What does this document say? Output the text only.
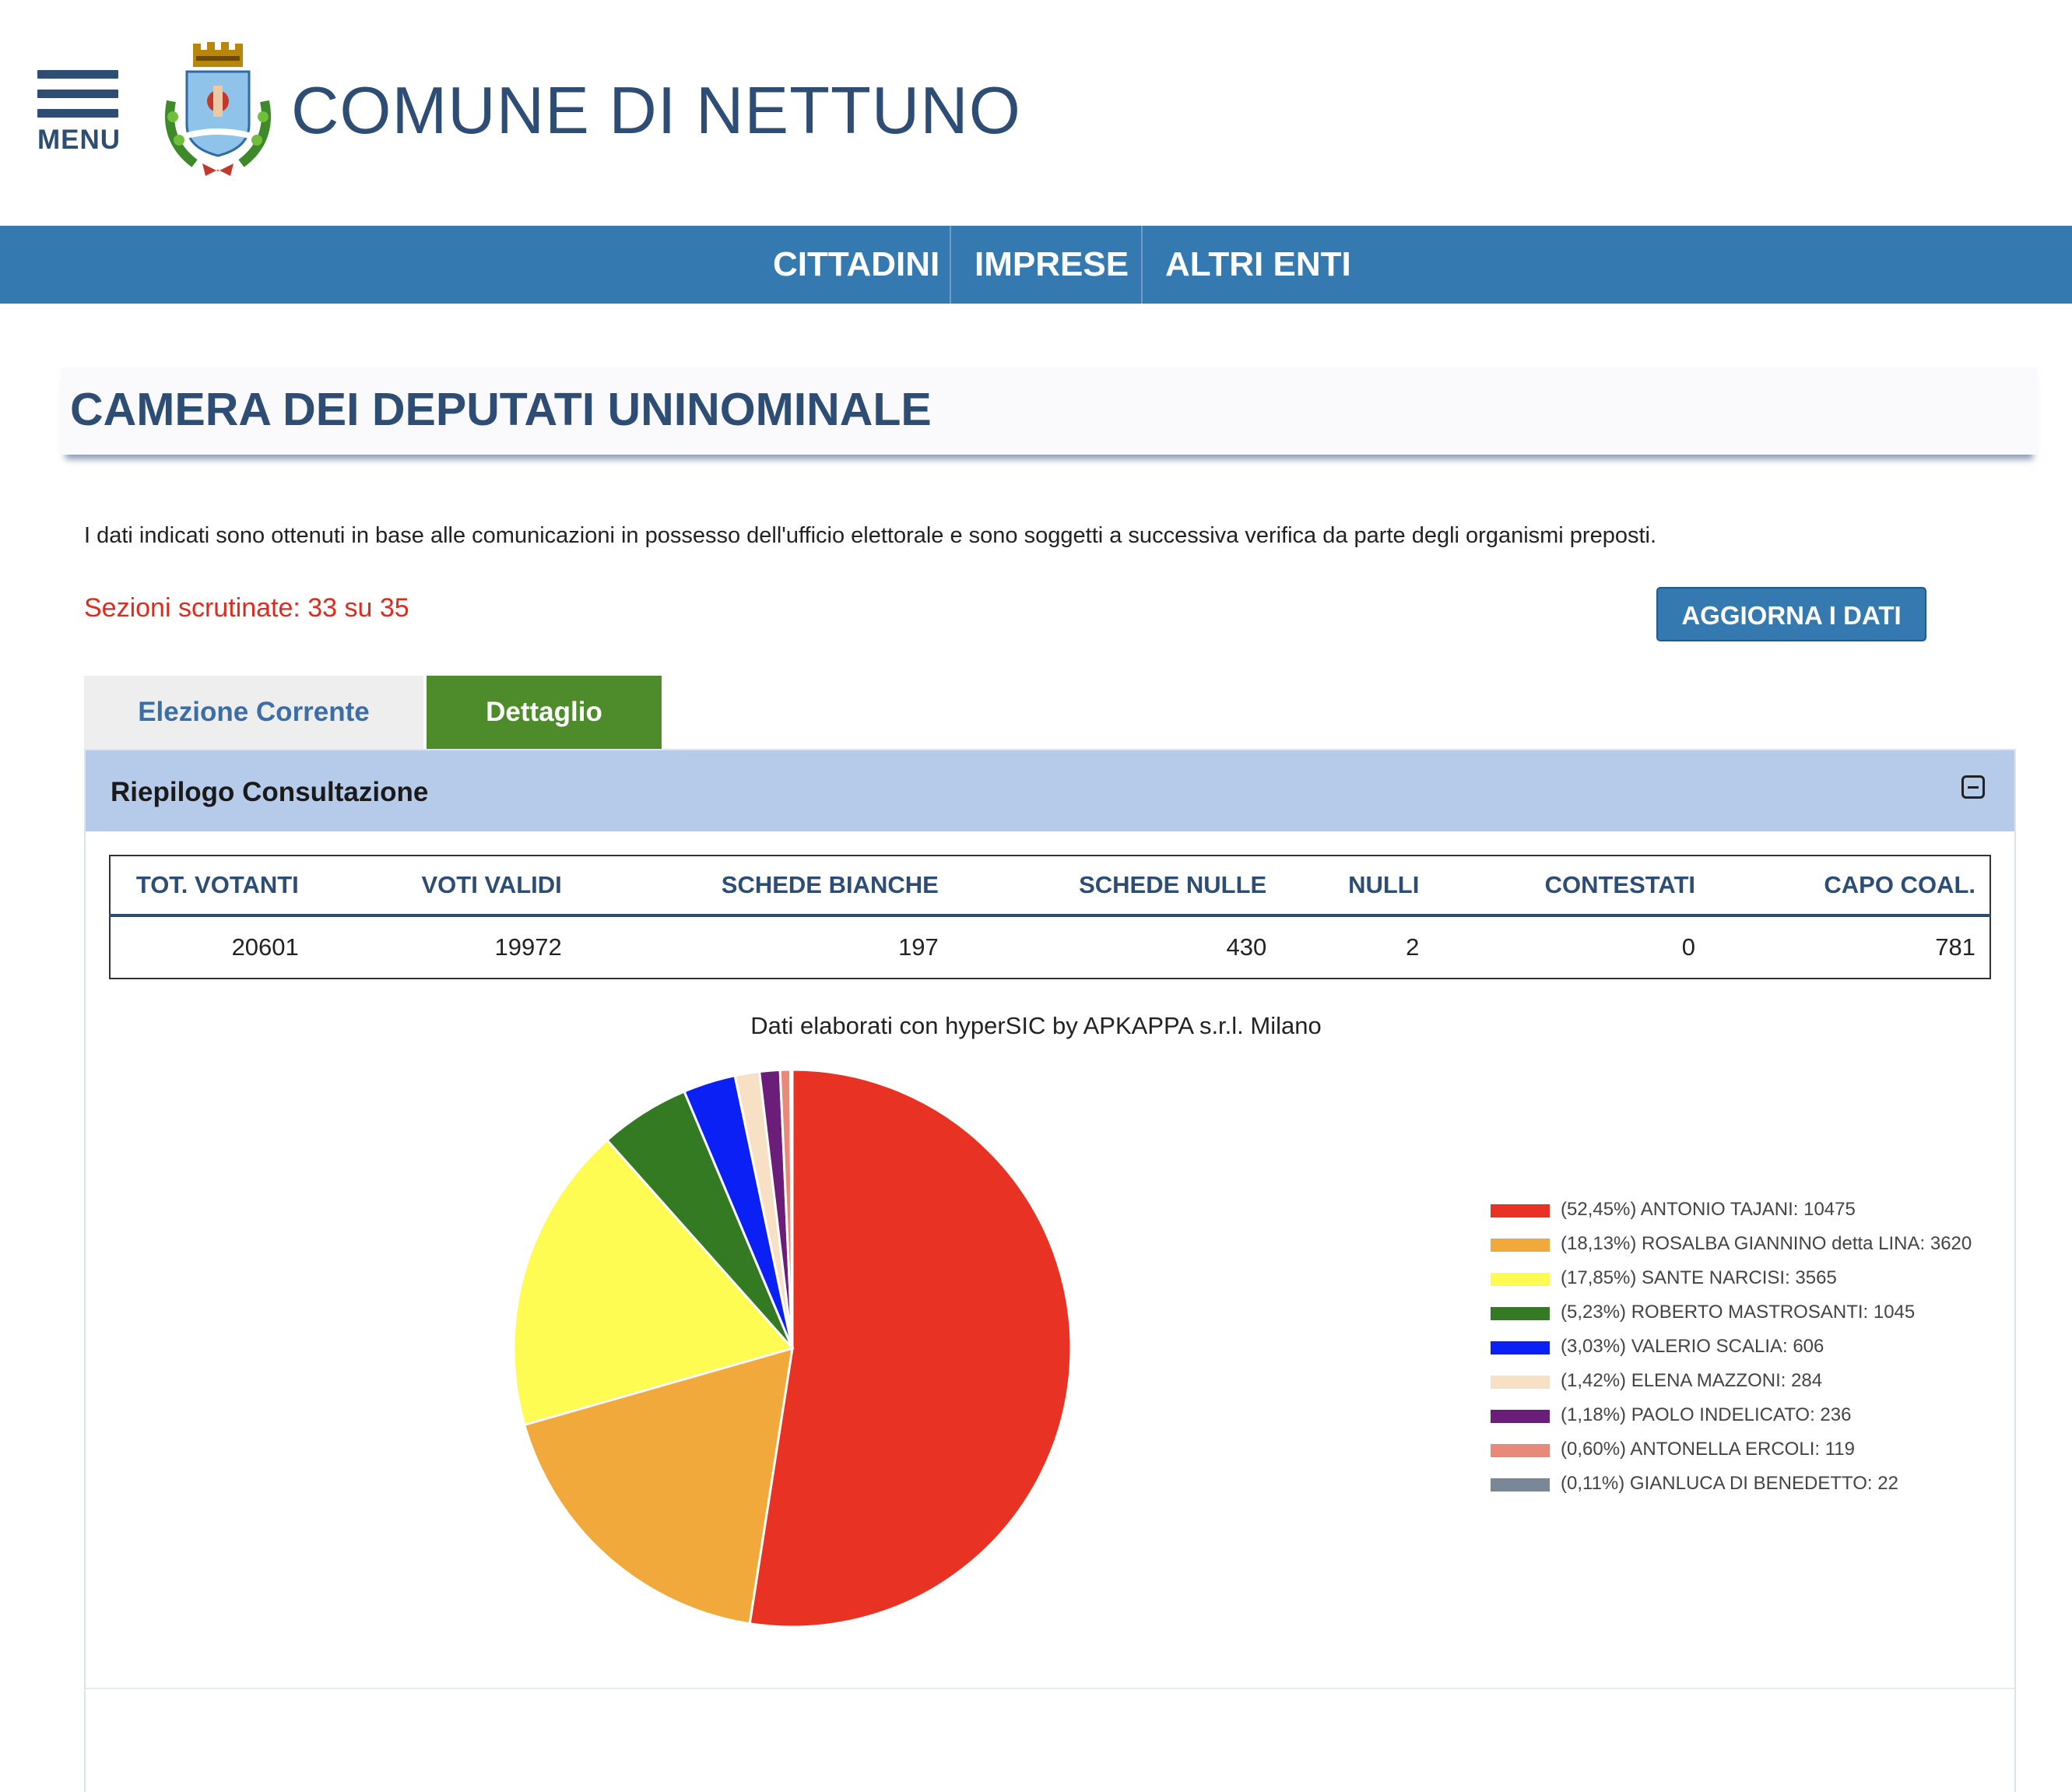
MENU	COMUNE DI NETTUNO
CITTADINI IMPRESE ALTRI ENTI
CAMERA DEI DEPUTATI UNINOMINALE
I dati indicati sono ottenuti in base alle comunicazioni in possesso dell'ufficio elettorale e sono soggetti a successiva verifica da parte degli organismi preposti.
Sezioni scrutinate: 33 su 35	AGGIORNA I DATI
Elezione Corrente	Dettaglio
Riepilogo Consultazione
TOT. VOTANTI	VOTI VALIDI	SCHEDE BIANCHE	SCHEDE NULLE	NULLI	CONTESTATI	CAPO COAL.
20601	19972	197	430	2	0	781
Dati elaborati con hyperSIC by APKAPPA s.r.l. Milano
(52,45%) ANTONIO TAJANI: 10475
(18,13%) ROSALBA GIANNINO detta LINA: 3620
(17,85%) SANTE NARCISI: 3565
(5,23%) ROBERTO MASTROSANTI: 1045
(3,03%) VALERIO SCALIA: 606
(1,42%) ELENA MAZZONI: 284
(1,18%) PAOLO INDELICATO: 236
(0,60%) ANTONELLA ERCOLI: 119
(0,11%) GIANLUCA DI BENEDETTO: 22
